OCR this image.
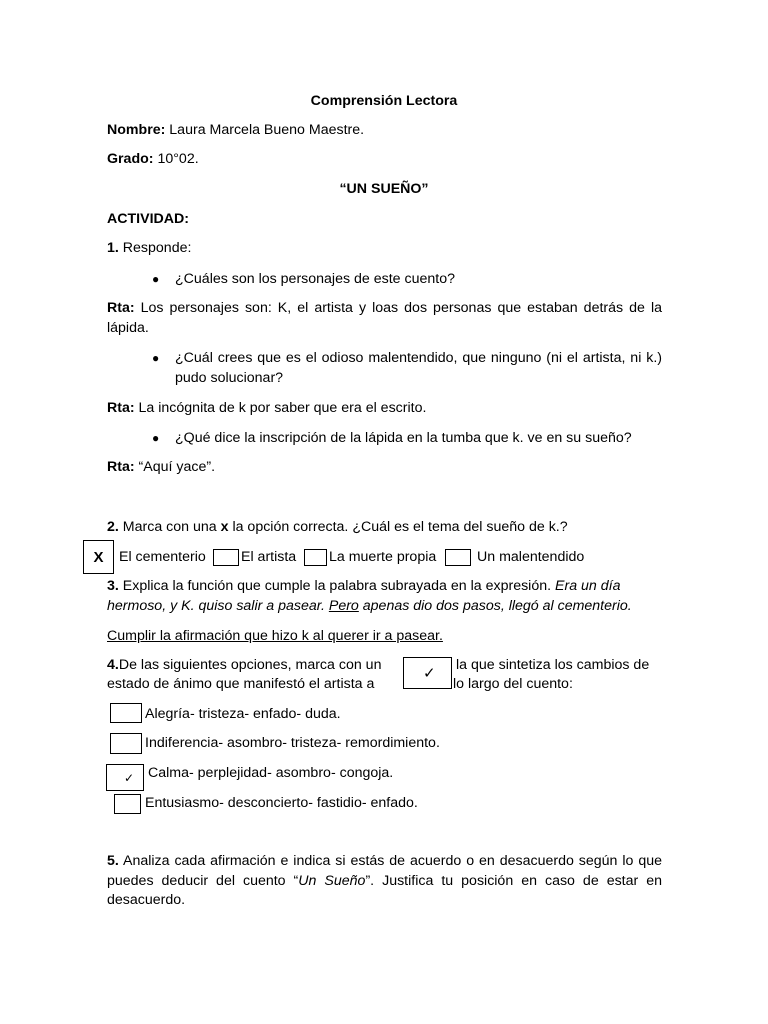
Comprensión Lectora
Nombre: Laura Marcela Bueno Maestre.
Grado: 10°02.
“UN SUEÑO”
ACTIVIDAD:
1. Responde:
● ¿Cuáles son los personajes de este cuento?
Rta: Los personajes son: K, el artista y loas dos personas que estaban detrás de la lápida.
● ¿Cuál crees que es el odioso malentendido, que ninguno (ni el artista, ni k.) pudo solucionar?
Rta: La incógnita de k por saber que era el escrito.
● ¿Qué dice la inscripción de la lápida en la tumba que k. ve en su sueño?
Rta: “Aquí yace”.
2. Marca con una x la opción correcta. ¿Cuál es el tema del sueño de k.?
X El cementerio El artista La muerte propia	Un malentendido
3. Explica la función que cumple la palabra subrayada en la expresión. Era un día
hermoso, y K. quiso salir a pasear. Pero apenas dio dos pasos, llegó al cementerio.
Cumplir la afirmación que hizo k al querer ir a pasear.
4.De las siguientes opciones, marca con un	✓ la que sintetiza los cambios de
estado de ánimo que manifestó el artista a	lo largo del cuento:
Alegría- tristeza- enfado- duda.
Indiferencia- asombro- tristeza- remordimiento.
✓ Calma- perplejidad- asombro- congoja.
Entusiasmo- desconcierto- fastidio- enfado.
5. Analiza cada afirmación e indica si estás de acuerdo o en desacuerdo según lo que puedes deducir del cuento “Un Sueño”. Justifica tu posición en caso de estar en desacuerdo.
